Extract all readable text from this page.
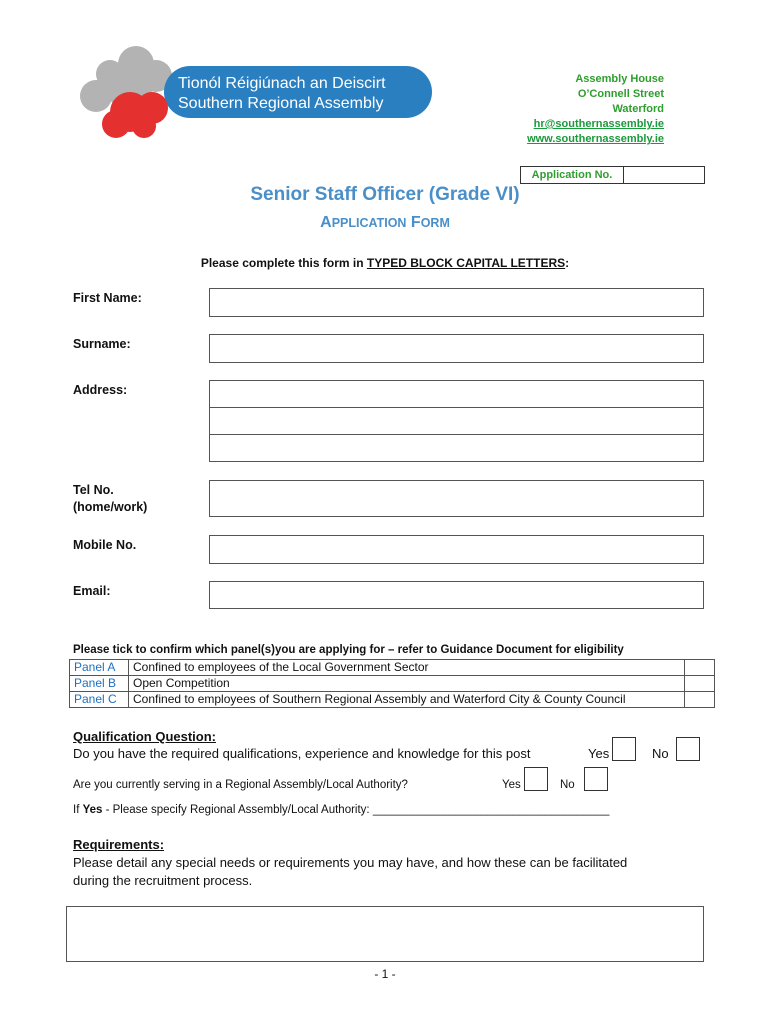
Tionól Réigiúnach an Deiscirt
Southern Regional Assembly
Assembly House
O’Connell Street
Waterford
hr@southernassembly.ie
www.southernassembly.ie
Application No.
Senior Staff Officer (Grade VI)
APPLICATION FORM
Please complete this form in TYPED BLOCK CAPITAL LETTERS:
First Name:
Surname:
Address:
Tel No.
(home/work)
Mobile No.
Email:
Please tick to confirm which panel(s)you are applying for – refer to Guidance Document for eligibility
Panel A	Confined to employees of the Local Government Sector	
Panel B	Open Competition	
Panel C	Confined to employees of Southern Regional Assembly and Waterford City & County Council	
Qualification Question:
Do you have the required qualifications, experience and knowledge for this post	Yes	No
Are you currently serving in a Regional Assembly/Local Authority?	Yes	No
If Yes - Please specify Regional Assembly/Local Authority: _____________________________________
Requirements:
Please detail any special needs or requirements you may have, and how these can be facilitated
during the recruitment process.
- 1 -
